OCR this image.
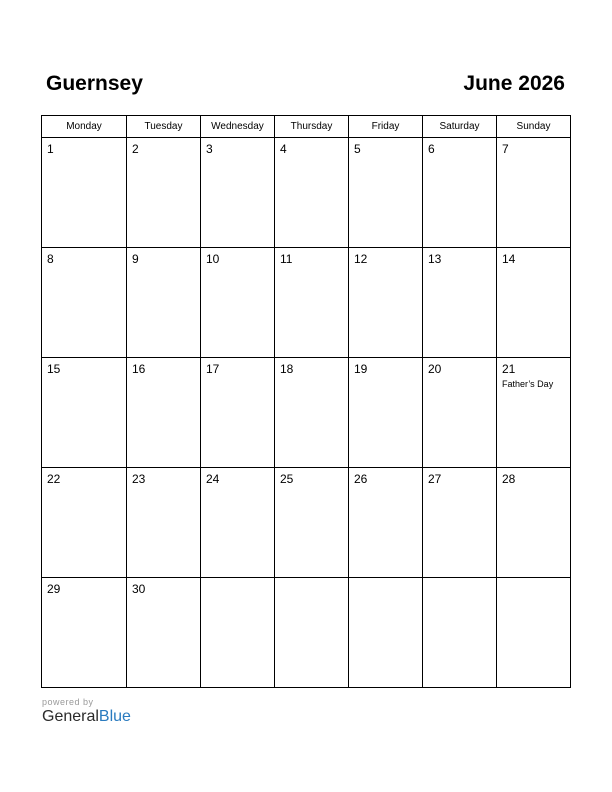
Guernsey	June 2026
Monday	Tuesday	Wednesday	Thursday	Friday	Saturday	Sunday

1	2	3	4	5	6	7

8	9	10	11	12	13	14

15	16	17	18	19	20	21
Father’s Day

22	23	24	25	26	27	28

29	30					

powered by
GeneralBlue
